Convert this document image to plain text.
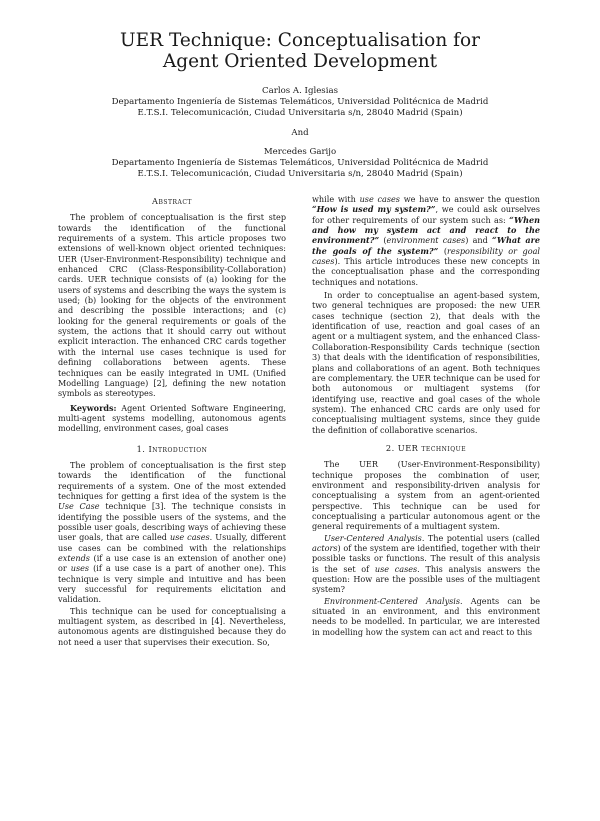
UER Technique: Conceptualisation for
Agent Oriented Development
Carlos A. Iglesias
Departamento Ingeniería de Sistemas Telemáticos, Universidad Politécnica de Madrid
E.T.S.I. Telecomunicación, Ciudad Universitaria s/n, 28040 Madrid (Spain)
And
Mercedes Garijo
Departamento Ingeniería de Sistemas Telemáticos, Universidad Politécnica de Madrid
E.T.S.I. Telecomunicación, Ciudad Universitaria s/n, 28040 Madrid (Spain)
Abstract

The problem of conceptualisation is the first step towards the identification of the functional requirements of a system. This article proposes two extensions of well-known object oriented techniques: UER (User-Environment-Responsibility) technique and enhanced CRC (Class-Responsibility-Collaboration) cards. UER technique consists of (a) looking for the users of systems and describing the ways the system is used; (b) looking for the objects of the environment and describing the possible interactions; and (c) looking for the general requirements or goals of the system, the actions that it should carry out without explicit interaction. The enhanced CRC cards together with the internal use cases technique is used for defining collaborations between agents. These techniques can be easily integrated in UML (Unified Modelling Language) [2], defining the new notation symbols as stereotypes.

Keywords: Agent Oriented Software Engineering, multi-agent systems modelling, autonomous agents modelling, environment cases, goal cases

1. Introduction

The problem of conceptualisation is the first step towards the identification of the functional requirements of a system. One of the most extended techniques for getting a first idea of the system is the Use Case technique [3]. The technique consists in identifying the possible users of the systems, and the possible user goals, describing ways of achieving these user goals, that are called use cases. Usually, different use cases can be combined with the relationships extends (if a use case is an extension of another one) or uses (if a use case is a part of another one). This technique is very simple and intuitive and has been very successful for requirements elicitation and validation.

This technique can be used for conceptualising a multiagent system, as described in [4]. Nevertheless, autonomous agents are distinguished because they do not need a user that supervises their execution. So,

while with use cases we have to answer the question “How is used my system?”, we could ask ourselves for other requirements of our system such as: “When and how my system act and react to the environment?” (environment cases) and “What are the goals of the system?” (responsibility or goal cases). This article introduces these new concepts in the conceptualisation phase and the corresponding techniques and notations.

In order to conceptualise an agent-based system, two general techniques are proposed: the new UER cases technique (section 2), that deals with the identification of use, reaction and goal cases of an agent or a multiagent system, and the enhanced Class-Collaboration-Responsibility Cards technique (section 3) that deals with the identification of responsibilities, plans and collaborations of an agent. Both techniques are complementary. the UER technique can be used for both autonomous or multiagent systems (for identifying use, reactive and goal cases of the whole system). The enhanced CRC cards are only used for conceptualising multiagent systems, since they guide the definition of collaborative scenarios.

2. UER technique

The UER (User-Environment-Responsibility) technique proposes the combination of user, environment and responsibility-driven analysis for conceptualising a system from an agent-oriented perspective. This technique can be used for conceptualising a particular autonomous agent or the general requirements of a multiagent system.

User-Centered Analysis. The potential users (called actors) of the system are identified, together with their possible tasks or functions. The result of this analysis is the set of use cases. This analysis answers the question: How are the possible uses of the multiagent system?

Environment-Centered Analysis. Agents can be situated in an environment, and this environment needs to be modelled. In particular, we are interested in modelling how the system can act and react to this
